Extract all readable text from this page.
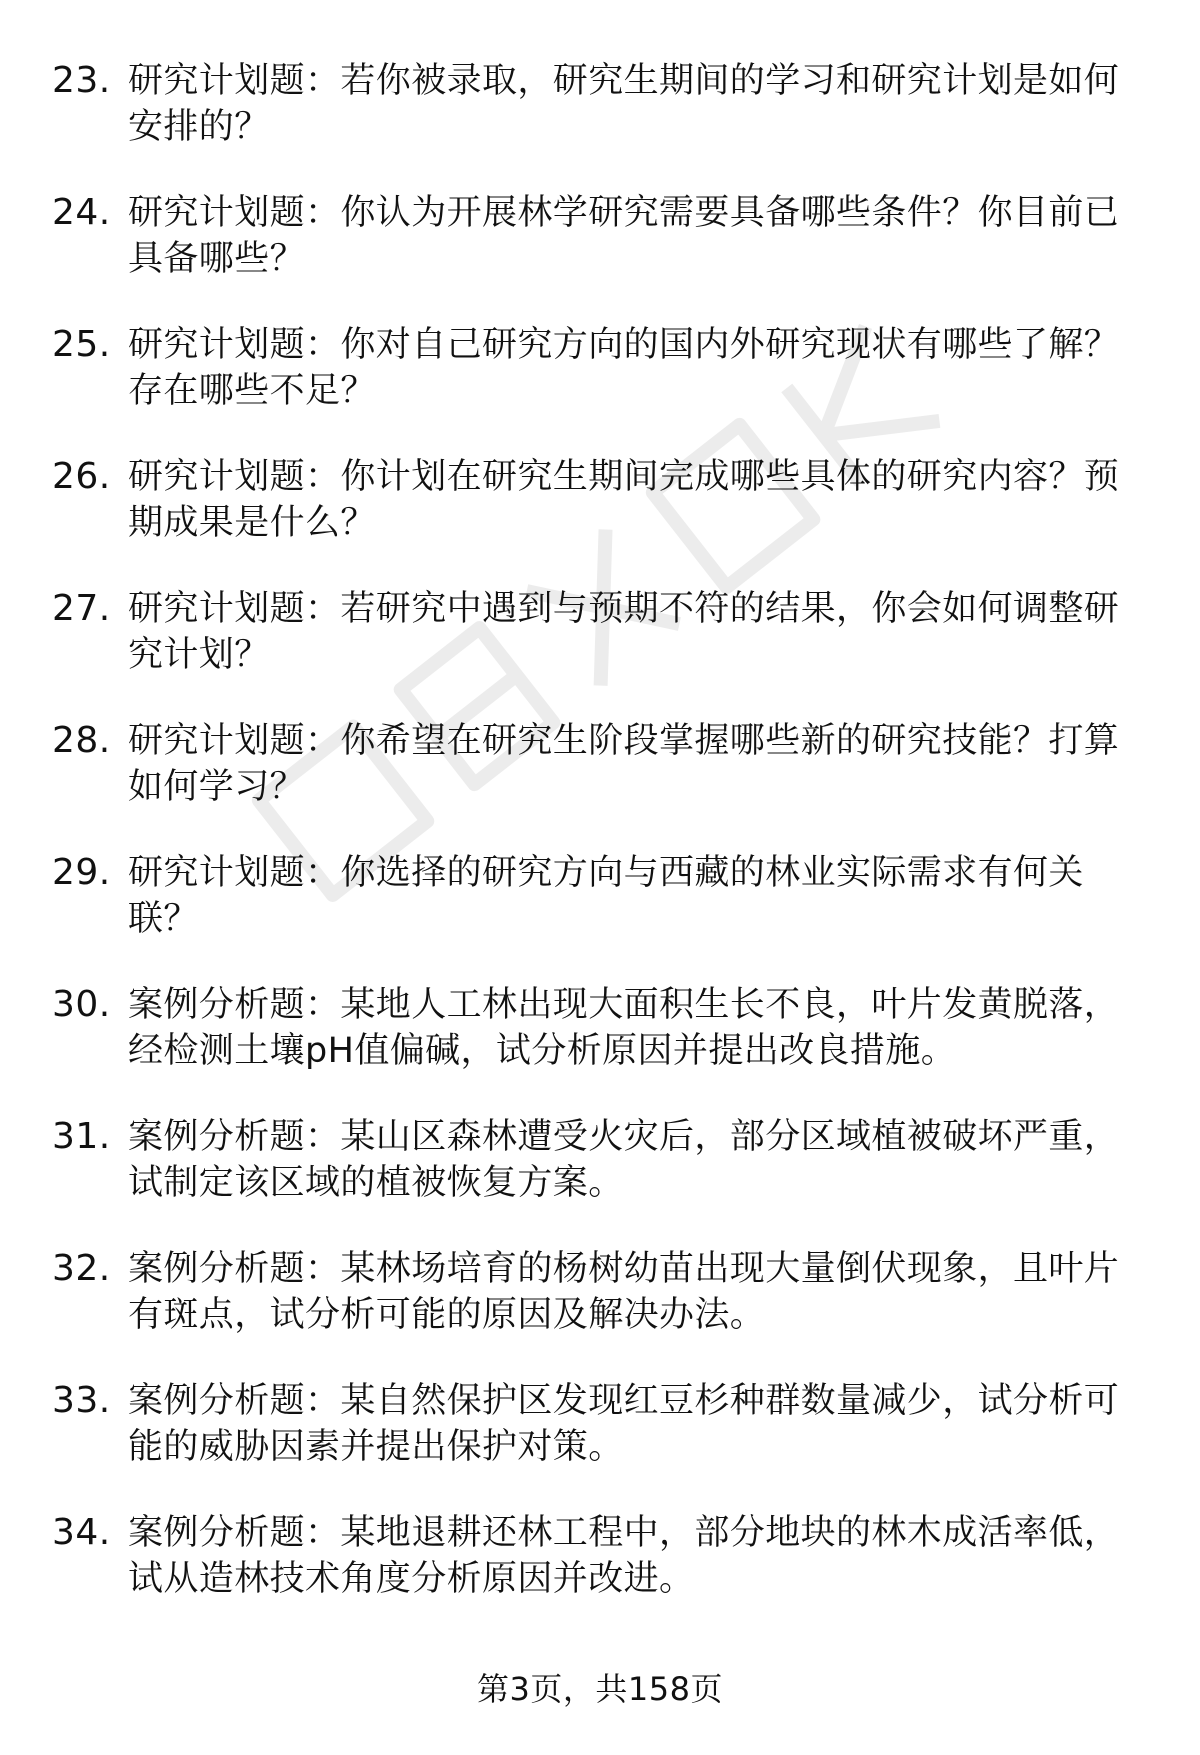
23. 研究计划题：若你被录取，研究生期间的学习和研究计划是如何安排的？
24. 研究计划题：你认为开展林学研究需要具备哪些条件？你目前已具备哪些？
25. 研究计划题：你对自己研究方向的国内外研究现状有哪些了解？存在哪些不足？
26. 研究计划题：你计划在研究生期间完成哪些具体的研究内容？预期成果是什么？
27. 研究计划题：若研究中遇到与预期不符的结果，你会如何调整研究计划？
28. 研究计划题：你希望在研究生阶段掌握哪些新的研究技能？打算如何学习？
29. 研究计划题：你选择的研究方向与西藏的林业实际需求有何关联？
30. 案例分析题：某地人工林出现大面积生长不良，叶片发黄脱落，经检测土壤pH值偏碱，试分析原因并提出改良措施。
31. 案例分析题：某山区森林遭受火灾后，部分区域植被破坏严重，试制定该区域的植被恢复方案。
32. 案例分析题：某林场培育的杨树幼苗出现大量倒伏现象，且叶片有斑点，试分析可能的原因及解决办法。
33. 案例分析题：某自然保护区发现红豆杉种群数量减少，试分析可能的威胁因素并提出保护对策。
34. 案例分析题：某地退耕还林工程中，部分地块的林木成活率低，试从造林技术角度分析原因并改进。
第3页，共158页
